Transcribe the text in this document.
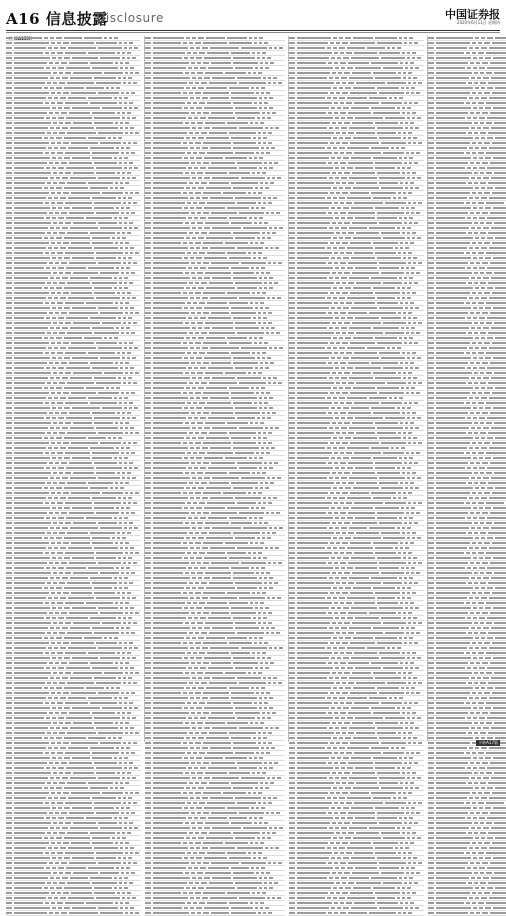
A16 信息披露
Disclosure	中国证券报
2020年6月11日 星期四
下转A17版
